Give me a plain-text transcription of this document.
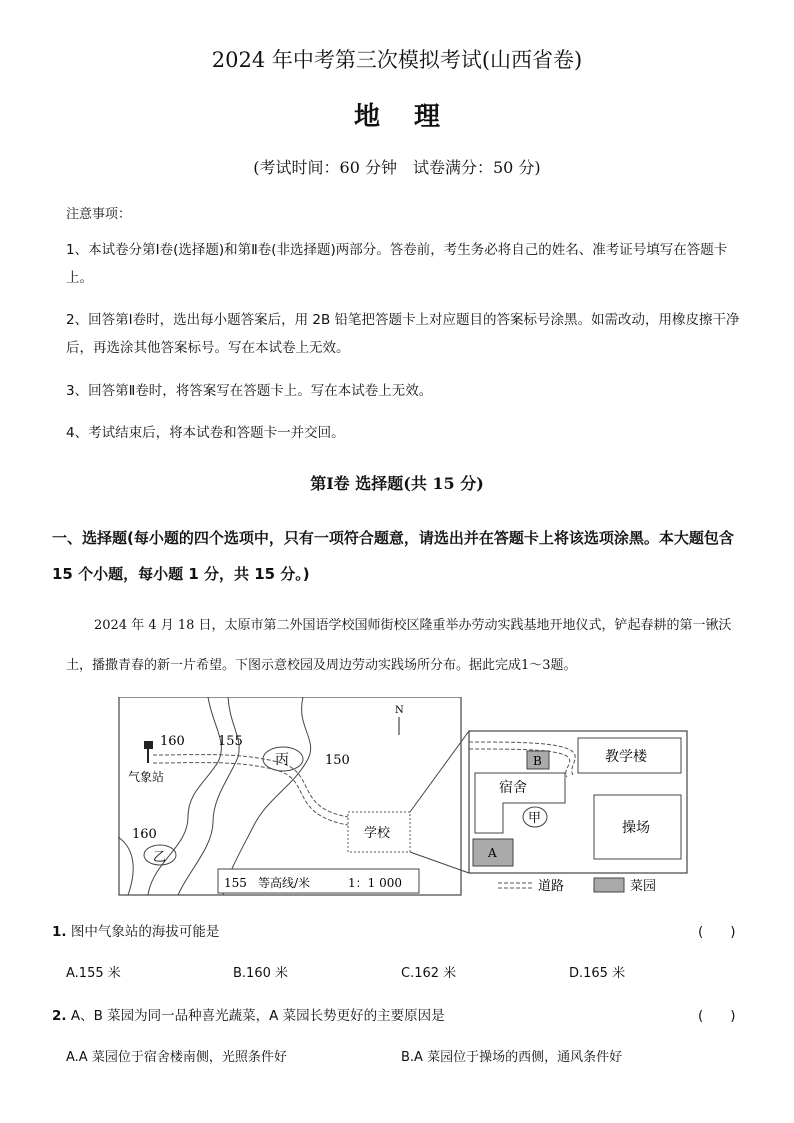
2024 年中考第三次模拟考试(山西省卷)
地理
(考试时间：60 分钟　试卷满分：50 分)
注意事项：
1、本试卷分第Ⅰ卷(选择题)和第Ⅱ卷(非选择题)两部分。答卷前，考生务必将自己的姓名、准考证号填写在答题卡上。
2、回答第Ⅰ卷时，选出每小题答案后，用 2B 铅笔把答题卡上对应题目的答案标号涂黑。如需改动，用橡皮擦干净后，再选涂其他答案标号。写在本试卷上无效。
3、回答第Ⅱ卷时，将答案写在答题卡上。写在本试卷上无效。
4、考试结束后，将本试卷和答题卡一并交回。
第Ⅰ卷 选择题(共 15 分)
一、选择题(每小题的四个选项中，只有一项符合题意，请选出并在答题卡上将该选项涂黑。本大题包含 15 个小题，每小题 1 分，共 15 分。)
2024 年 4 月 18 日，太原市第二外国语学校国师街校区隆重举办劳动实践基地开地仪式，铲起春耕的第一锹沃土，播撒青春的新一片希望。下图示意校园及周边劳动实践场所分布。据此完成1～3题。
气象站
160	155
150
160
丙
乙
N
学校
155 等高线/米	1：1 000
B	教学楼
宿舍
甲
操场
A
道路	菜园
1. 图中气象站的海拔可能是	(　　)
A.155 米	B.160 米	C.162 米	D.165 米
2. A、B 菜园为同一品种喜光蔬菜，A 菜园长势更好的主要原因是	(　　)
A.A 菜园位于宿舍楼南侧，光照条件好	B.A 菜园位于操场的西侧，通风条件好
